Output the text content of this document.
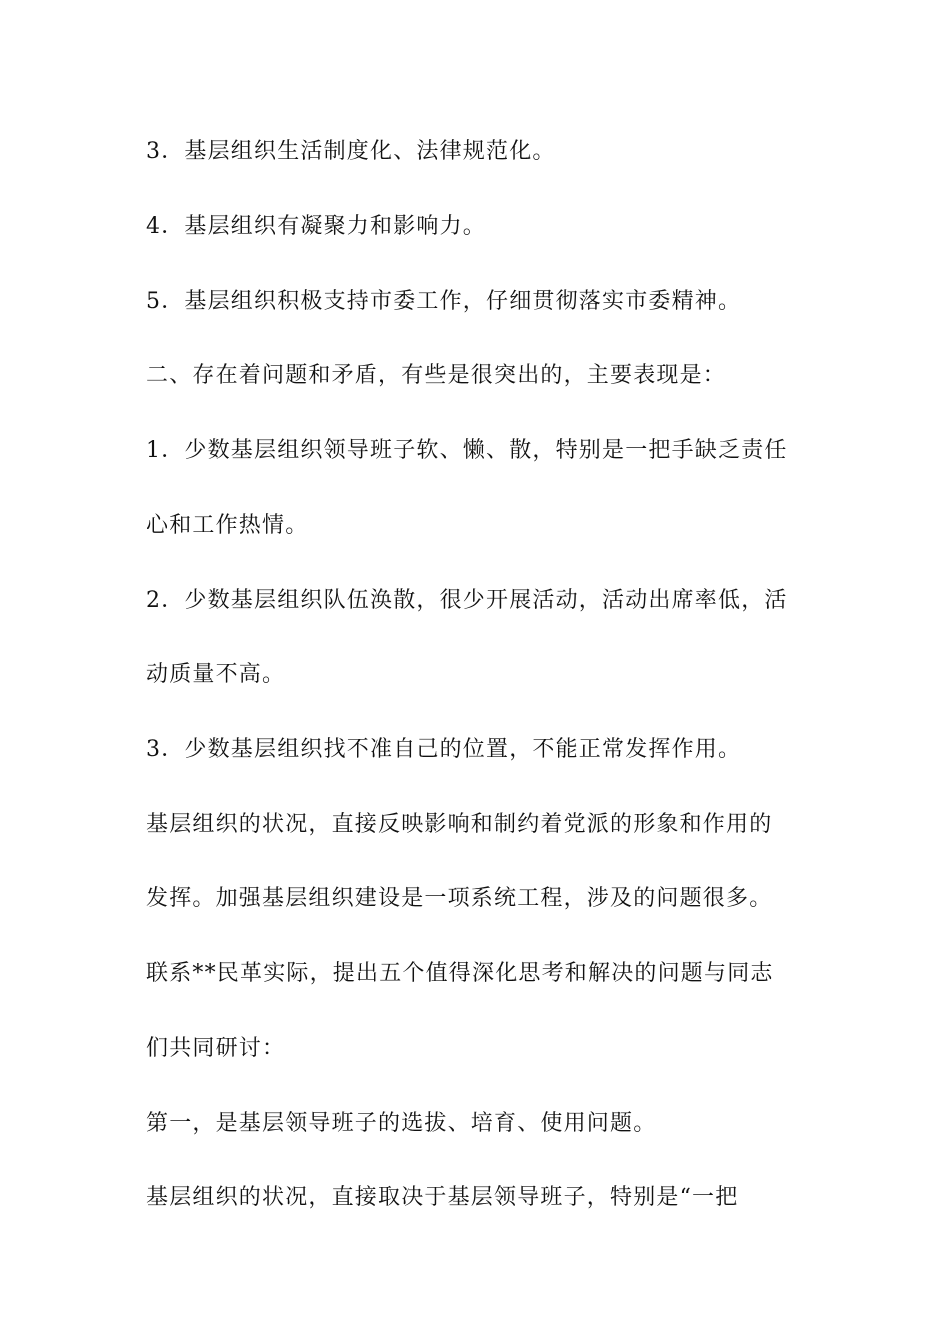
3．基层组织生活制度化、法律规范化。
4．基层组织有凝聚力和影响力。
5．基层组织积极支持市委工作，仔细贯彻落实市委精神。
二、存在着问题和矛盾，有些是很突出的，主要表现是：
1．少数基层组织领导班子软、懒、散，特别是一把手缺乏责任
心和工作热情。
2．少数基层组织队伍涣散，很少开展活动，活动出席率低，活
动质量不高。
3．少数基层组织找不准自己的位置，不能正常发挥作用。
基层组织的状况，直接反映影响和制约着党派的形象和作用的
发挥。加强基层组织建设是一项系统工程，涉及的问题很多。
联系**民革实际，提出五个值得深化思考和解决的问题与同志
们共同研讨：
第一，是基层领导班子的选拔、培育、使用问题。
基层组织的状况，直接取决于基层领导班子，特别是“一把
